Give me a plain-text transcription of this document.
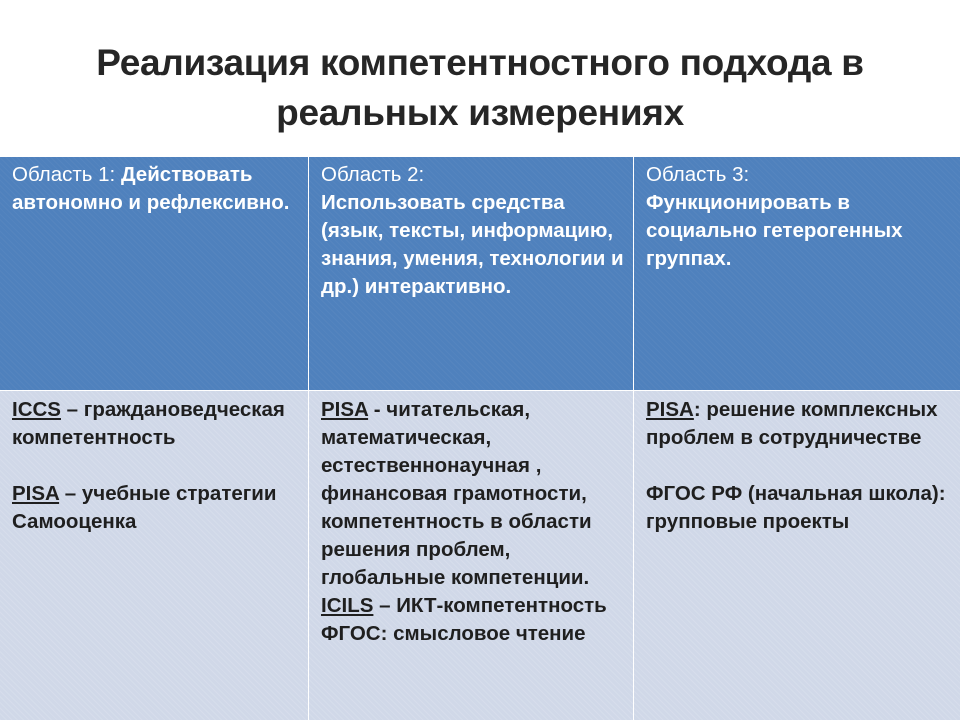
Реализация компетентностного подхода в
реальных измерениях
Область 1: Действовать автономно и рефлексивно.

ICCS – граждановедческая компетентность

PISA – учебные стратегии

Самооценка

Область 2:
Использовать средства (язык, тексты, информацию, знания, умения, технологии и др.) интерактивно.

PISA - читательская, математическая, естественнонаучная , финансовая грамотности, компетентность в области решения проблем, глобальные компетенции.

ICILS – ИКТ-компетентность

ФГОС: смысловое чтение

Область 3:
Функционировать в социально гетерогенных группах.

PISA: решение комплексных проблем в сотрудничестве

ФГОС РФ (начальная школа): групповые проекты
